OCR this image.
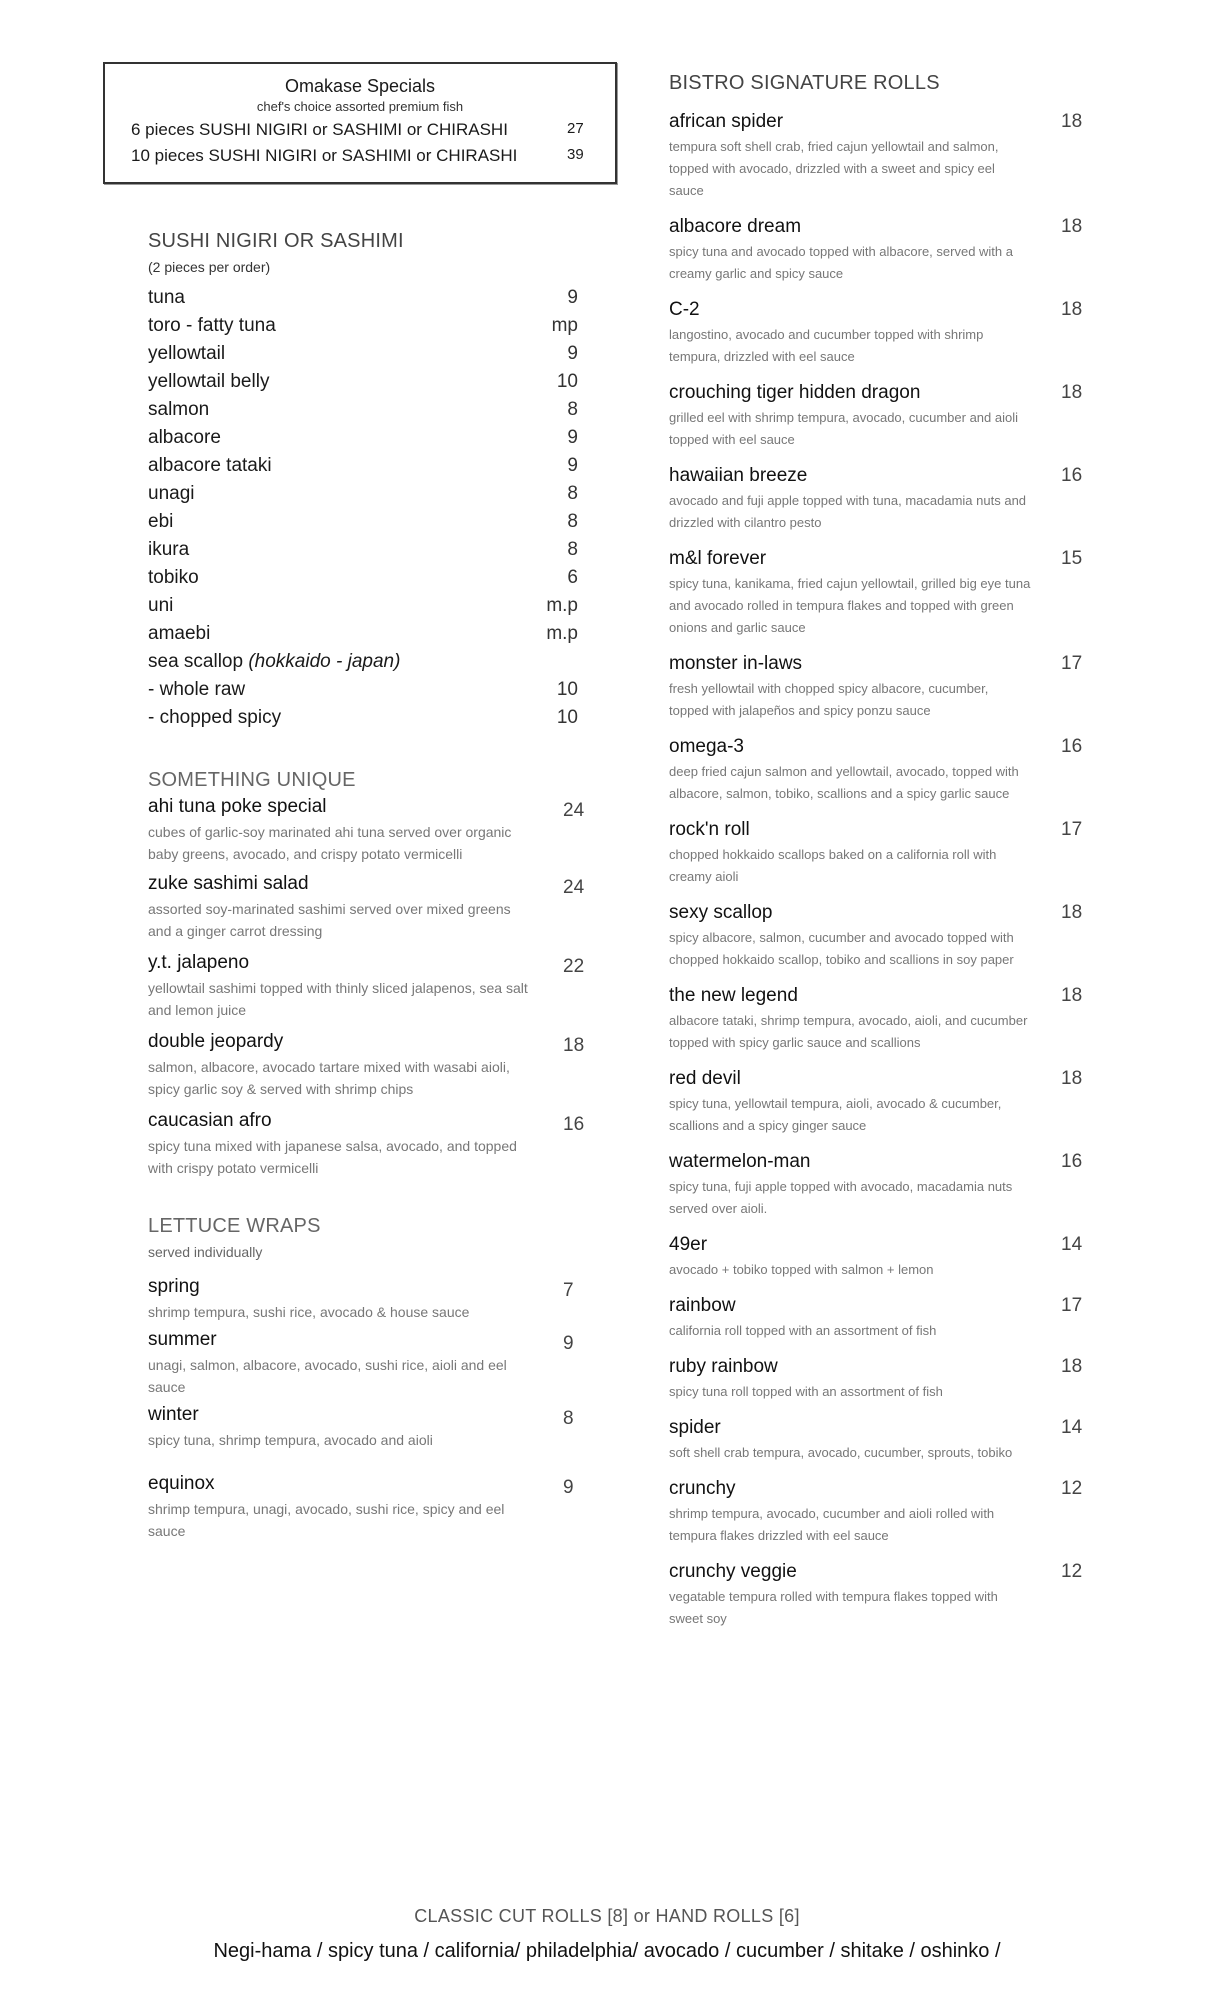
Omakase Specials
chef's choice assorted premium fish
6 pieces SUSHI NIGIRI or SASHIMI or CHIRASHI	27
10 pieces SUSHI NIGIRI or SASHIMI or CHIRASHI	39
SUSHI NIGIRI OR SASHIMI
(2 pieces per order)
tuna	9
toro - fatty tuna	mp
yellowtail	9
yellowtail belly	10
salmon	8
albacore	9
albacore tataki	9
unagi	8
ebi	8
ikura	8
tobiko	6
uni	m.p
amaebi	m.p
sea scallop (hokkaido - japan)
- whole raw	10
- chopped spicy	10
SOMETHING UNIQUE
ahi tuna poke special	24
cubes of garlic-soy marinated ahi tuna served over organic baby greens, avocado, and crispy potato vermicelli
zuke sashimi salad	24
assorted soy-marinated sashimi served over mixed greens and a ginger carrot dressing
y.t. jalapeno	22
yellowtail sashimi topped with thinly sliced jalapenos, sea salt and lemon juice
double jeopardy	18
salmon, albacore, avocado tartare mixed with wasabi aioli, spicy garlic soy & served with shrimp chips
caucasian afro	16
spicy tuna mixed with japanese salsa, avocado, and topped with crispy potato vermicelli
LETTUCE WRAPS
served individually
spring	7
shrimp tempura, sushi rice, avocado & house sauce
summer	9
unagi, salmon, albacore, avocado, sushi rice, aioli and eel sauce
winter	8
spicy tuna, shrimp tempura, avocado and aioli
equinox	9
shrimp tempura, unagi, avocado, sushi rice, spicy and eel sauce
BISTRO SIGNATURE ROLLS
african spider	18
tempura soft shell crab, fried cajun yellowtail and salmon, topped with avocado, drizzled with a sweet and spicy eel sauce
albacore dream	18
spicy tuna and avocado topped with albacore, served with a creamy garlic and spicy sauce
C-2	18
langostino, avocado and cucumber topped with shrimp tempura, drizzled with eel sauce
crouching tiger hidden dragon	18
grilled eel with shrimp tempura, avocado, cucumber and aioli topped with eel sauce
hawaiian breeze	16
avocado and fuji apple topped with tuna, macadamia nuts and drizzled with cilantro pesto
m&l forever	15
spicy tuna, kanikama, fried cajun yellowtail, grilled big eye tuna and avocado rolled in tempura flakes and topped with green onions and garlic sauce
monster in-laws	17
fresh yellowtail with chopped spicy albacore, cucumber, topped with jalapeños and spicy ponzu sauce
omega-3	16
deep fried cajun salmon and yellowtail, avocado, topped with albacore, salmon, tobiko, scallions and a spicy garlic sauce
rock'n roll	17
chopped hokkaido scallops baked on a california roll with creamy aioli
sexy scallop	18
spicy albacore, salmon, cucumber and avocado topped with chopped hokkaido scallop, tobiko and scallions in soy paper
the new legend	18
albacore tataki, shrimp tempura, avocado, aioli, and cucumber topped with spicy garlic sauce and scallions
red devil	18
spicy tuna, yellowtail tempura, aioli, avocado & cucumber, scallions and a spicy ginger sauce
watermelon-man	16
spicy tuna, fuji apple topped with avocado, macadamia nuts served over aioli.
49er	14
avocado + tobiko topped with salmon + lemon
rainbow	17
california roll topped with an assortment of fish
ruby rainbow	18
spicy tuna roll topped with an assortment of fish
spider	14
soft shell crab tempura, avocado, cucumber, sprouts, tobiko
crunchy	12
shrimp tempura, avocado, cucumber and aioli rolled with tempura flakes drizzled with eel sauce
crunchy veggie	12
vegatable tempura rolled with tempura flakes topped with sweet soy
CLASSIC CUT ROLLS [8] or HAND ROLLS [6]
Negi-hama / spicy tuna / california/ philadelphia/ avocado / cucumber / shitake / oshinko /
